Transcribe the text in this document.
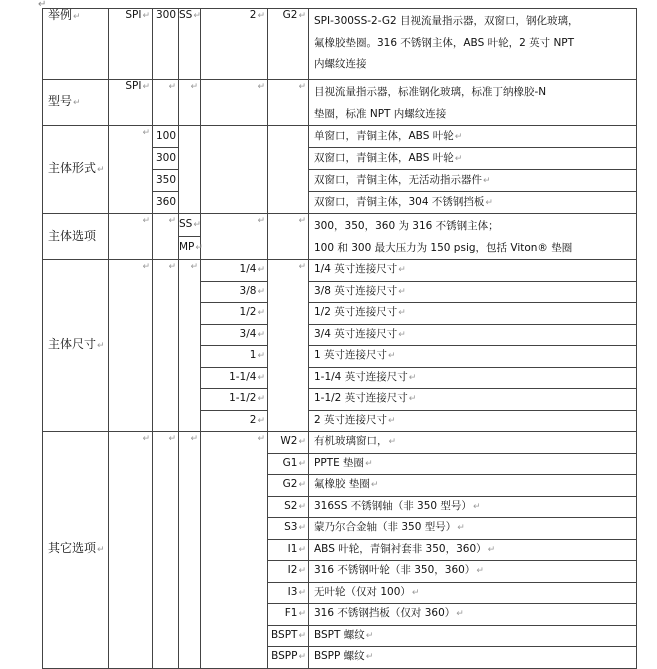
↵
举例↵	SPI↵	300	SS↵	2↵	G2↵	SPI-300SS-2-G2 目视流量指示器，双窗口，钢化玻璃，
氟橡胶垫圈。316 不锈钢主体，ABS 叶轮，2 英寸 NPT
内螺纹连接

型号↵	SPI↵	↵	↵	↵	↵	目视流量指示器，标准钢化玻璃，标准丁纳橡胶-N
垫圈，标准 NPT 内螺纹连接

主体形式↵	↵	100				单窗口，青铜主体，ABS 叶轮↵
		300				双窗口，青铜主体，ABS 叶轮↵
		350				双窗口，青铜主体，无活动指示器件↵
		360				双窗口，青铜主体，304 不锈钢挡板↵
主体选项	↵	↵	SS↵	↵	↵	300，350，360 为 316 不锈钢主体；
100 和 300 最大压力为 150 psig，包括 Viton® 垫圈

			MP↵			
主体尺寸↵	↵	↵	↵	1/4↵	↵	1/4 英寸连接尺寸↵
				3/8↵		3/8 英寸连接尺寸↵
				1/2↵		1/2 英寸连接尺寸↵
				3/4↵		3/4 英寸连接尺寸↵
				1↵		1 英寸连接尺寸↵
				1-1/4↵		1-1/4 英寸连接尺寸↵
				1-1/2↵		1-1/2 英寸连接尺寸↵
				2↵		2 英寸连接尺寸↵
其它选项↵	↵	↵	↵	↵	W2↵	有机玻璃窗口，↵
					G1↵	PPTE 垫圈↵
					G2↵	氟橡胶 垫圈↵
					S2↵	316SS 不锈钢轴（非 350 型号）↵
					S3↵	蒙乃尔合金轴（非 350 型号）↵
					I1↵	ABS 叶轮，青铜衬套非 350，360）↵
					I2↵	316 不锈钢叶轮（非 350，360）↵
					I3↵	无叶轮（仅对 100）↵
					F1↵	316 不锈钢挡板（仅对 360）↵
					BSPT↵	BSPT 螺纹↵
					BSPP↵	BSPP 螺纹↵
